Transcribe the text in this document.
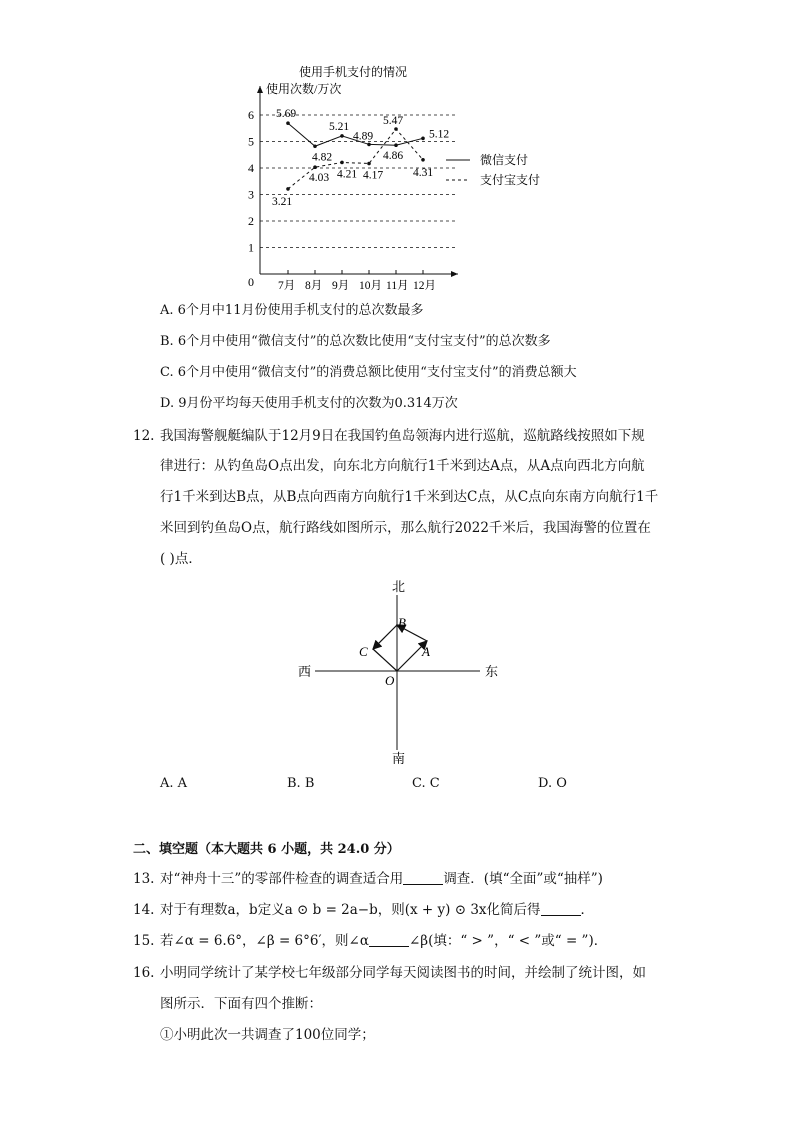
使用手机支付的情况
使用次数/万次
0
1
2
3
4
5
6
7月 8月 9月 10月 11月 12月
5.69
4.82
5.21
4.89
4.86
5.12
3.21
4.03 4.21 4.17
5.47
4.31
微信支付
支付宝支付
A. 6个月中11月份使用手机支付的总次数最多
B. 6个月中使用“微信支付”的总次数比使用“支付宝支付”的总次数多
C. 6个月中使用“微信支付”的消费总额比使用“支付宝支付”的消费总额大
D. 9月份平均每天使用手机支付的次数为0.314万次
12. 我国海警舰艇编队于12月9日在我国钓鱼岛领海内进行巡航，巡航路线按照如下规
律进行：从钓鱼岛O点出发，向东北方向航行1千米到达A点，从A点向西北方向航
行1千米到达B点，从B点向西南方向航行1千米到达C点，从C点向东南方向航行1千
米回到钓鱼岛O点，航行路线如图所示，那么航行2022千米后，我国海警的位置在
( )点．
北
南
西	东
O
A
B
C
A. A	B. B	C. C	D. O
二、填空题（本大题共 6 小题，共 24.0 分）
13. 对“神舟十三”的零部件检查的调查适合用	调查．(填“全面”或“抽样”)
14. 对于有理数a，b定义a ⊙ b = 2a−b，则(x + y) ⊙ 3x化简后得	．
15. 若∠α = 6.6°，∠β = 6°6′，则∠α	∠β(填：“ > ”，“ < ”或“ = ”)．
16. 小明同学统计了某学校七年级部分同学每天阅读图书的时间，并绘制了统计图，如
图所示．下面有四个推断：
①小明此次一共调查了100位同学；
